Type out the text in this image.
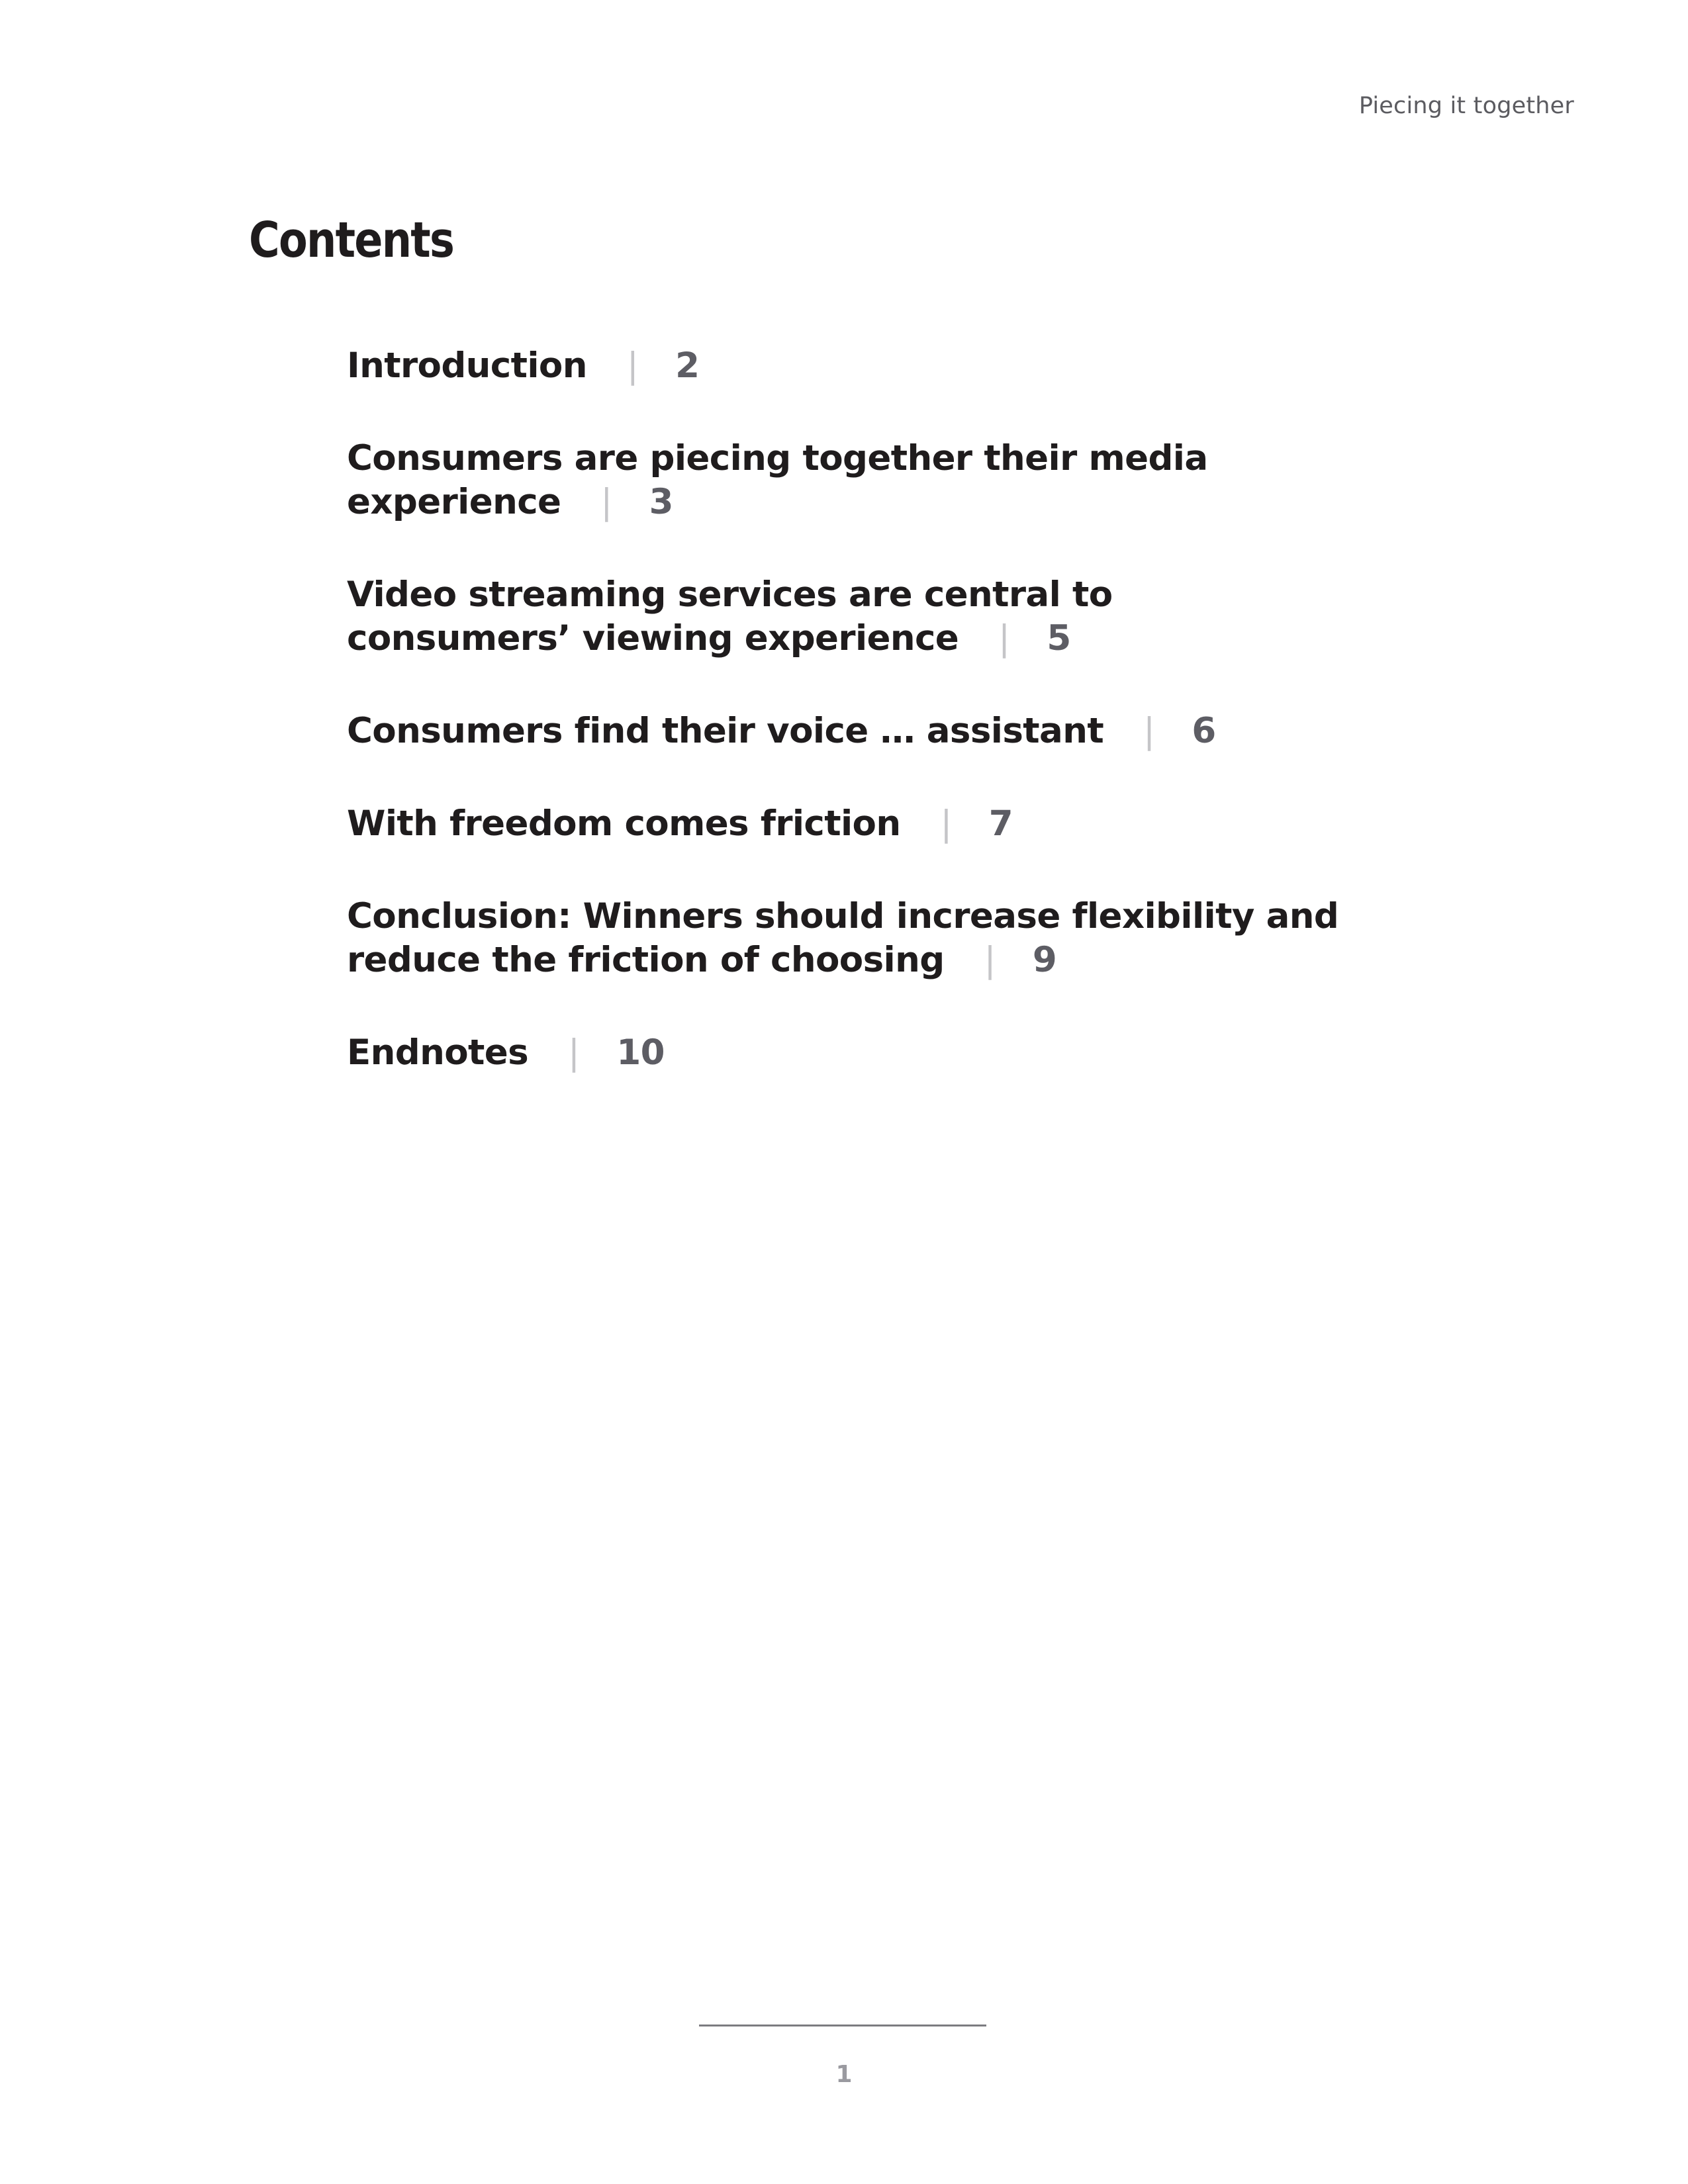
Piecing it together
Contents
Introduction | 2
Consumers are piecing together their media experience | 3
Video streaming services are central to consumers’ viewing experience | 5
Consumers find their voice … assistant | 6
With freedom comes friction | 7
Conclusion: Winners should increase flexibility and reduce the friction of choosing | 9
Endnotes | 10
1
